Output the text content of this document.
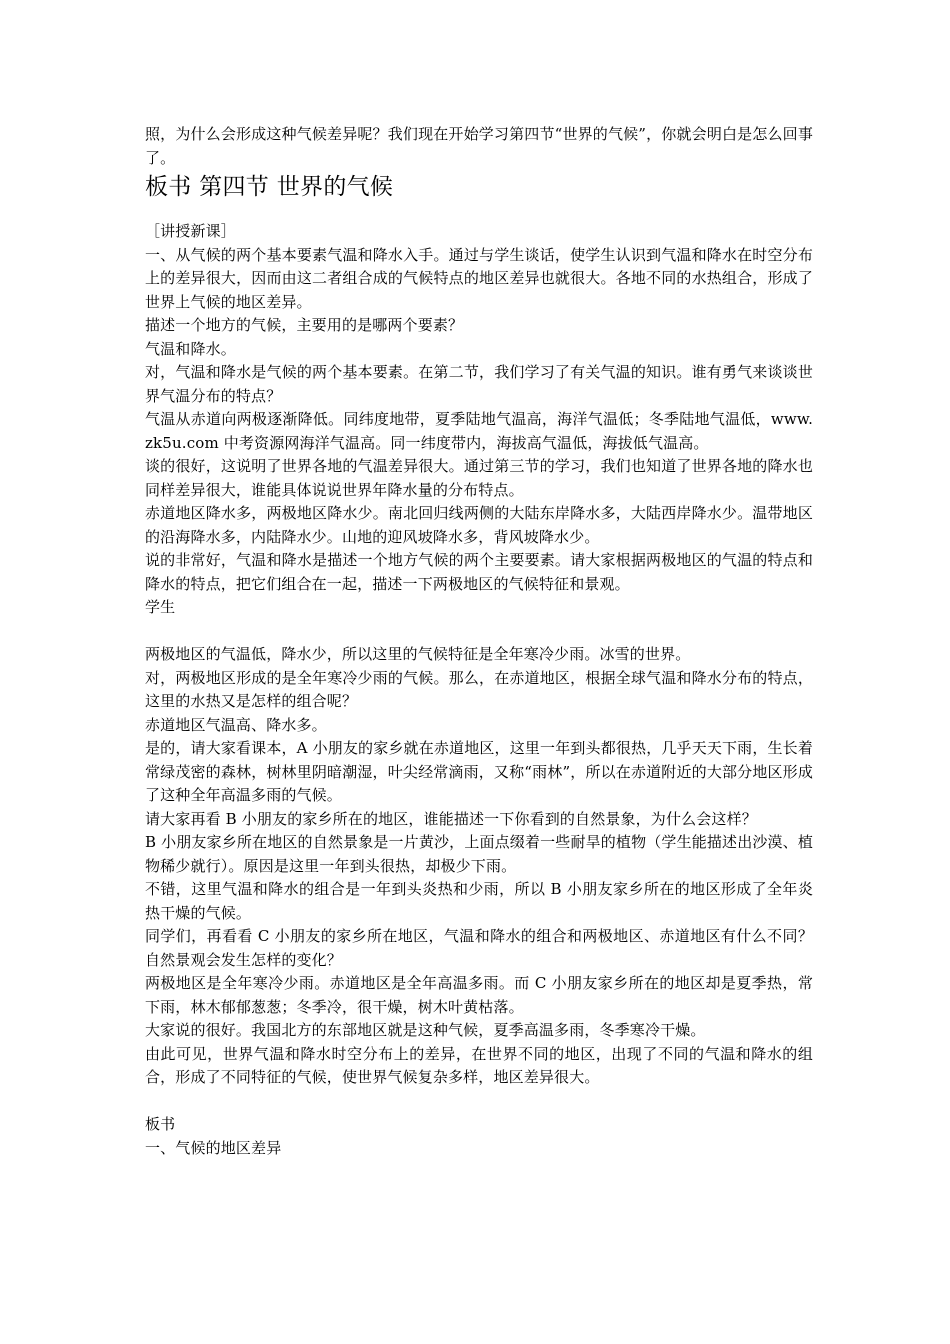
照，为什么会形成这种气候差异呢？我们现在开始学习第四节“世界的气候”，你就会明白是怎么回事了。

板书 第四节 世界的气候

［讲授新课］

一、从气候的两个基本要素气温和降水入手。通过与学生谈话，使学生认识到气温和降水在时空分布上的差异很大，因而由这二者组合成的气候特点的地区差异也就很大。各地不同的水热组合，形成了世界上气候的地区差异。

描述一个地方的气候，主要用的是哪两个要素？

气温和降水。

对，气温和降水是气候的两个基本要素。在第二节，我们学习了有关气温的知识。谁有勇气来谈谈世界气温分布的特点？

气温从赤道向两极逐渐降低。同纬度地带，夏季陆地气温高，海洋气温低；冬季陆地气温低，www.zk5u.com 中考资源网海洋气温高。同一纬度带内，海拔高气温低，海拔低气温高。

谈的很好，这说明了世界各地的气温差异很大。通过第三节的学习，我们也知道了世界各地的降水也同样差异很大，谁能具体说说世界年降水量的分布特点。

赤道地区降水多，两极地区降水少。南北回归线两侧的大陆东岸降水多，大陆西岸降水少。温带地区的沿海降水多，内陆降水少。山地的迎风坡降水多，背风坡降水少。

说的非常好，气温和降水是描述一个地方气候的两个主要要素。请大家根据两极地区的气温的特点和降水的特点，把它们组合在一起，描述一下两极地区的气候特征和景观。

学生

两极地区的气温低，降水少，所以这里的气候特征是全年寒冷少雨。冰雪的世界。

对，两极地区形成的是全年寒冷少雨的气候。那么，在赤道地区，根据全球气温和降水分布的特点，这里的水热又是怎样的组合呢？

赤道地区气温高、降水多。

是的，请大家看课本，A 小朋友的家乡就在赤道地区，这里一年到头都很热，几乎天天下雨，生长着常绿茂密的森林，树林里阴暗潮湿，叶尖经常滴雨，又称“雨林”，所以在赤道附近的大部分地区形成了这种全年高温多雨的气候。

请大家再看 B 小朋友的家乡所在的地区，谁能描述一下你看到的自然景象，为什么会这样？

B 小朋友家乡所在地区的自然景象是一片黄沙，上面点缀着一些耐旱的植物（学生能描述出沙漠、植物稀少就行）。原因是这里一年到头很热，却极少下雨。

不错，这里气温和降水的组合是一年到头炎热和少雨，所以 B 小朋友家乡所在的地区形成了全年炎热干燥的气候。

同学们，再看看 C 小朋友的家乡所在地区，气温和降水的组合和两极地区、赤道地区有什么不同？自然景观会发生怎样的变化？

两极地区是全年寒冷少雨。赤道地区是全年高温多雨。而 C 小朋友家乡所在的地区却是夏季热，常下雨，林木郁郁葱葱；冬季冷，很干燥，树木叶黄枯落。

大家说的很好。我国北方的东部地区就是这种气候，夏季高温多雨，冬季寒冷干燥。

由此可见，世界气温和降水时空分布上的差异，在世界不同的地区，出现了不同的气温和降水的组合，形成了不同特征的气候，使世界气候复杂多样，地区差异很大。

板书

一、气候的地区差异
